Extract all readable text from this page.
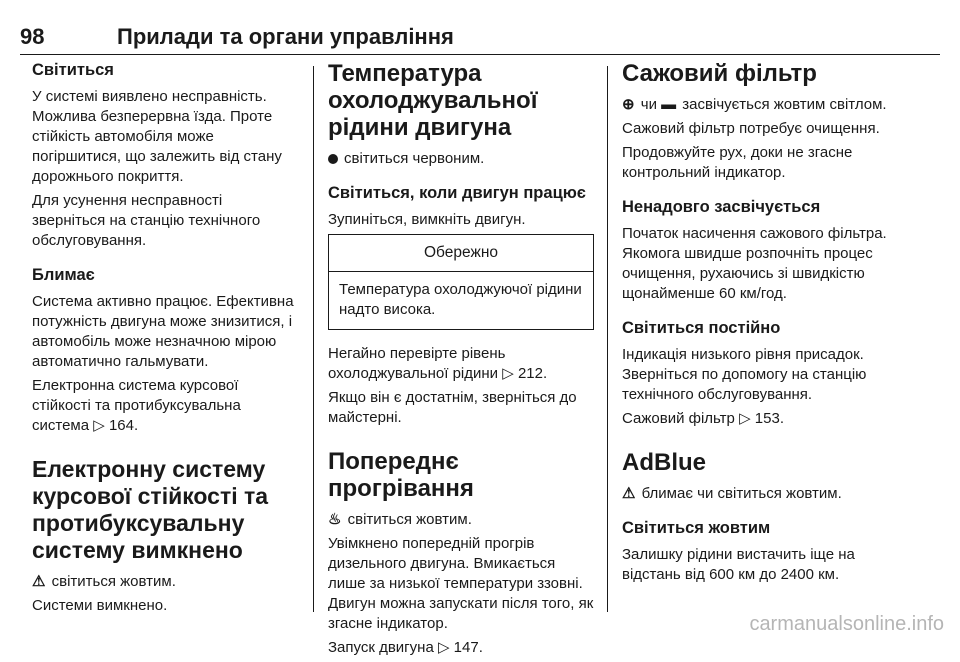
98	Прилади та органи управління
Світиться

У системі виявлено несправність. Можлива безперервна їзда. Проте стійкість автомобіля може погіршитися, що залежить від стану дорожнього покриття.

Для усунення несправності зверніться на станцію технічного обслуговування.

Блимає

Система активно працює. Ефективна потужність двигуна може знизитися, і автомобіль може незначною мірою автоматично гальмувати.

Електронна система курсової стійкості та протибуксувальна система ▷ 164.

Електронну систему курсової стійкості та протибуксувальну систему вимкнено

⚠ світиться жовтим.

Системи вимкнено.

Температура охолоджувальної рідини двигуна

світиться червоним.

Світиться, коли двигун працює

Зупиніться, вимкніть двигун.

Обережно
Температура охолоджуючої рідини надто висока.

Негайно перевірте рівень охолоджувальної рідини ▷ 212.

Якщо він є достатнім, зверніться до майстерні.

Попереднє прогрівання

♨ світиться жовтим.

Увімкнено попередній прогрів дизельного двигуна. Вмикається лише за низької температури ззовні. Двигун можна запускати після того, як згасне індикатор.

Запуск двигуна ▷ 147.

Сажовий фільтр

⊕ чи ▬ засвічується жовтим світлом.

Сажовий фільтр потребує очищення.

Продовжуйте рух, доки не згасне контрольний індикатор.

Ненадовго засвічується

Початок насичення сажового фільтра. Якомога швидше розпочніть процес очищення, рухаючись зі швидкістю щонайменше 60 км/год.

Світиться постійно

Індикація низького рівня присадок. Зверніться по допомогу на станцію технічного обслуговування.

Сажовий фільтр ▷ 153.

AdBlue

⚠ блимає чи світиться жовтим.

Світиться жовтим

Залишку рідини вистачить іще на відстань від 600 км до 2400 км.

carmanualsonline.info
